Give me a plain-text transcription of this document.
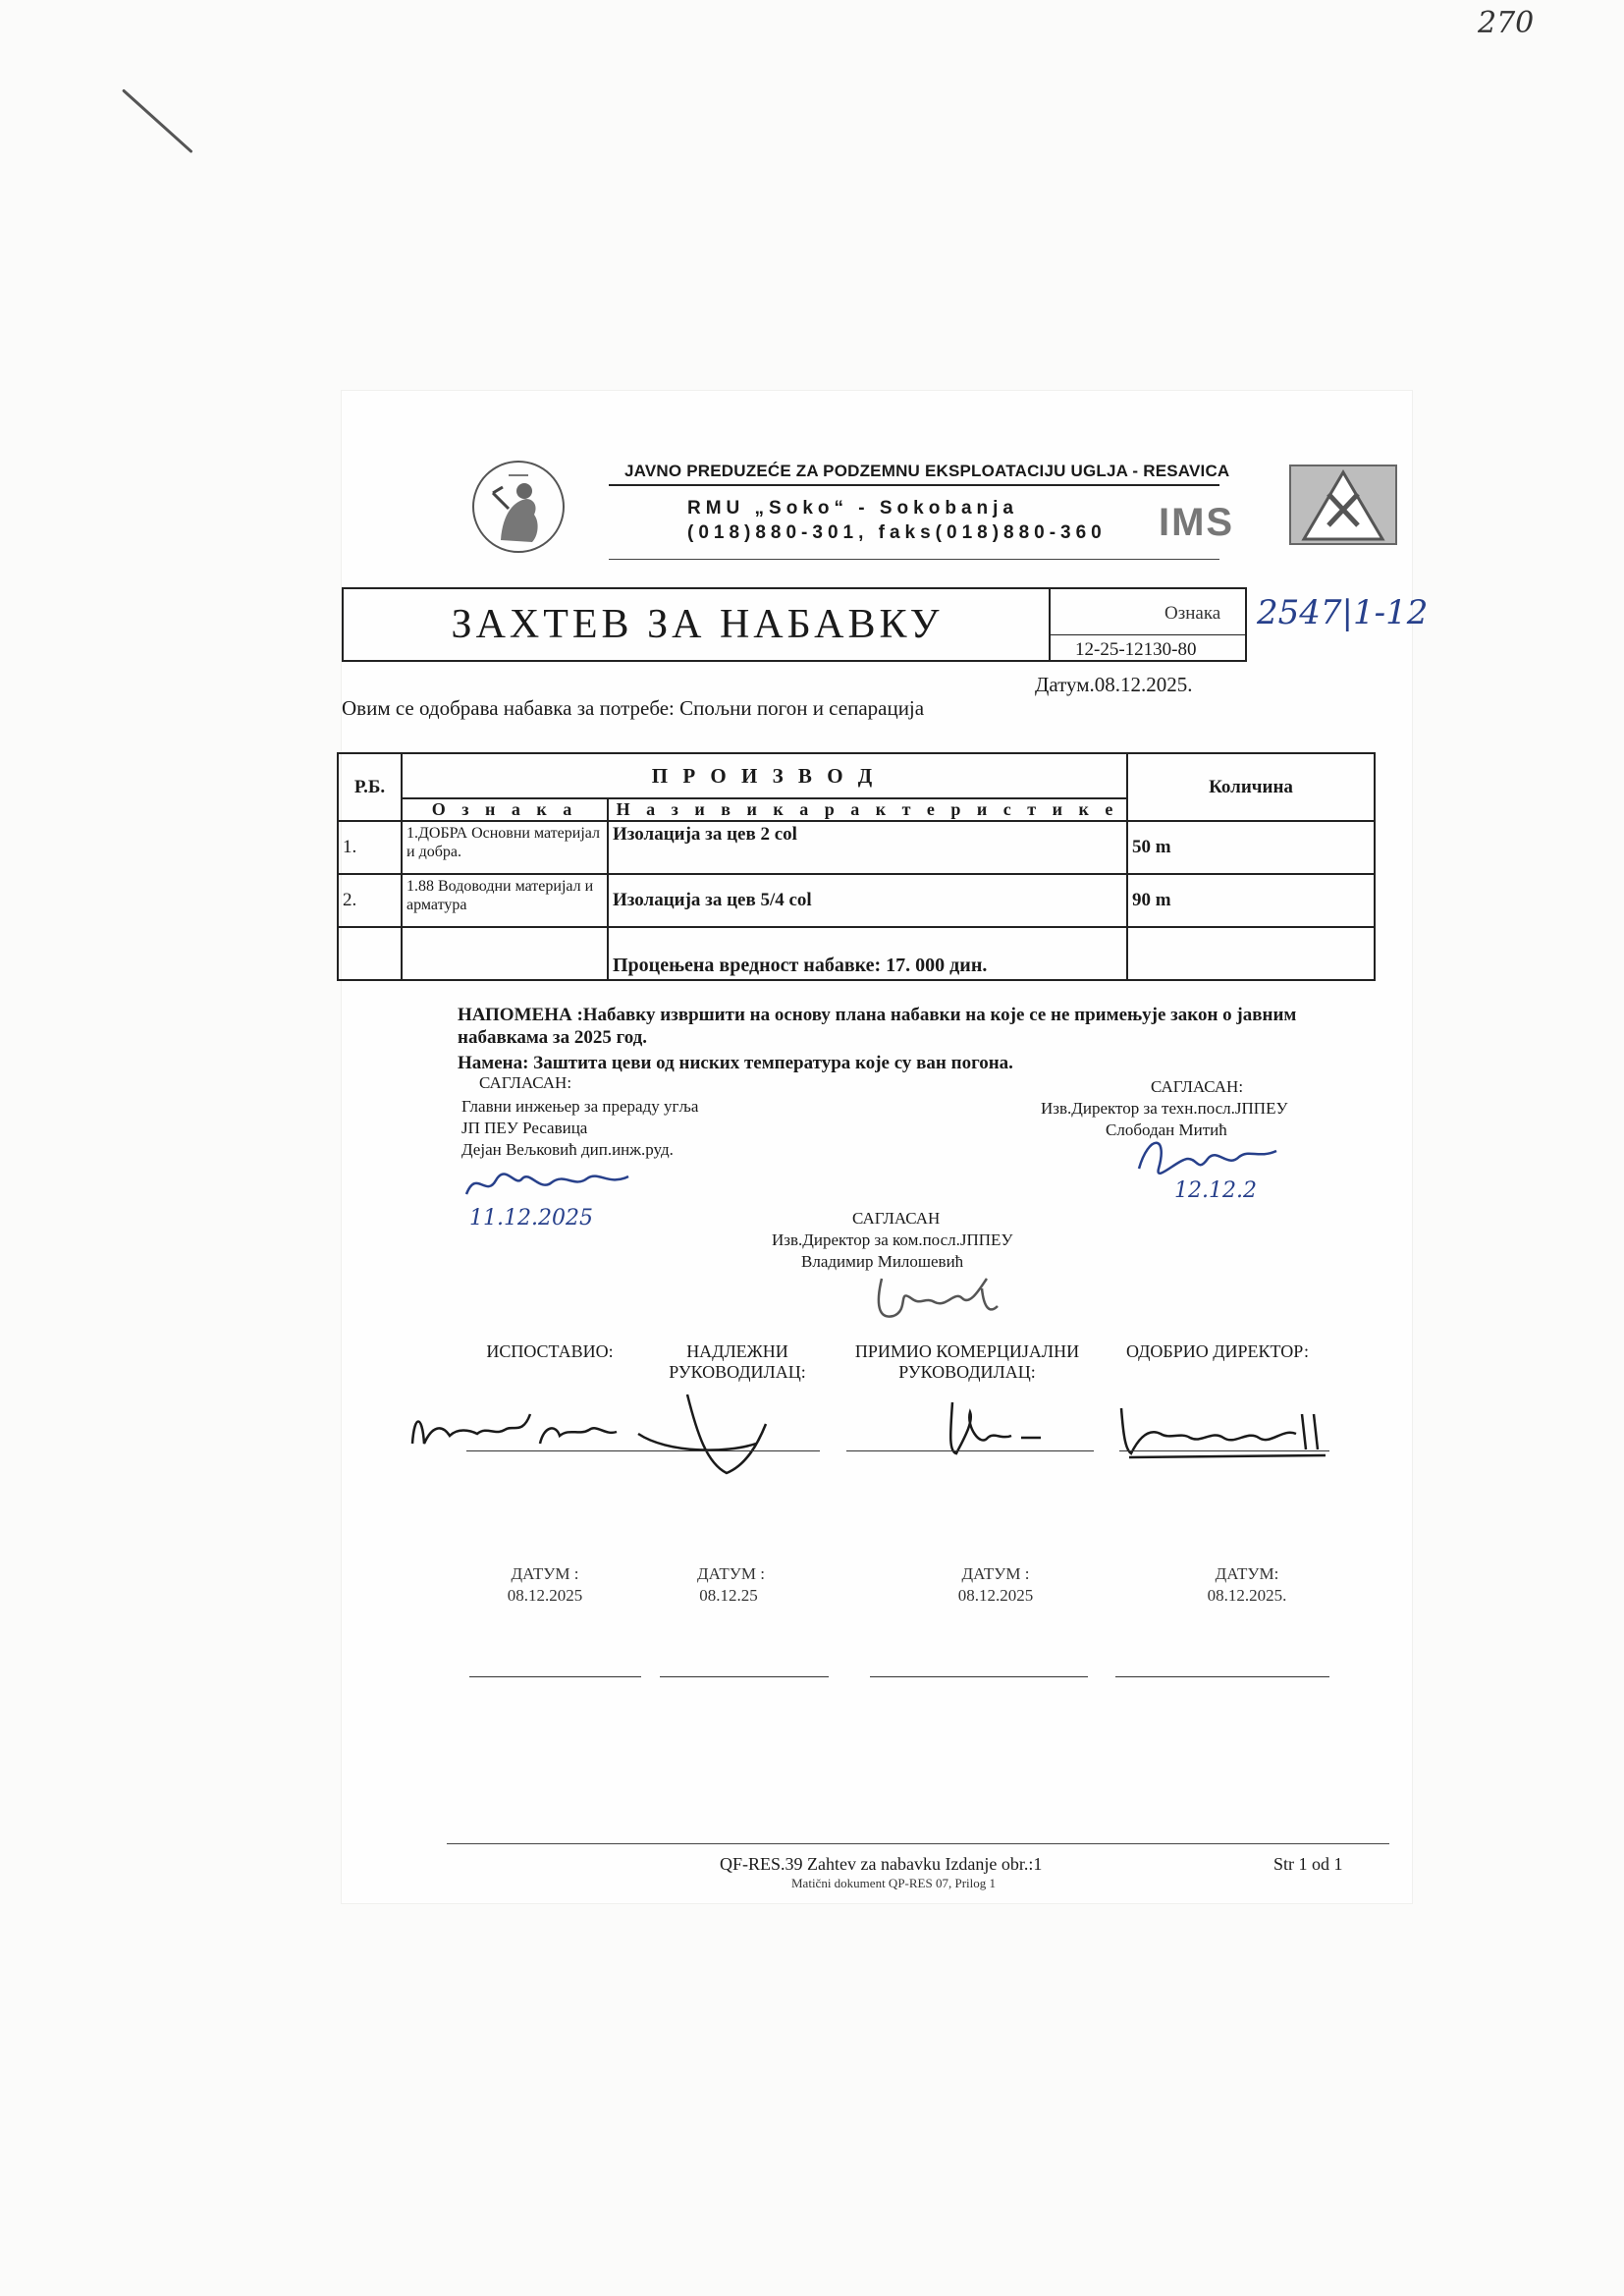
270
JAVNO PREDUZEĆE ZA PODZEMNU EKSPLOATACIJU UGLJA - RESAVICA
RMU „Soko“ - Sokobanja
(018)880-301, faks(018)880-360 IMS
ЗАХТЕВ ЗА НАБАВКУ	Ознака
12-25-12130-80
2547|1-12
Датум.08.12.2025.
Овим се одобрава набавка за потребе: Спољни погон и сепарација
Р.Б.	П Р О И З В О Д		Количина
	О з н а к а	Н а з и в и к а р а к т е р и с т и к е	
1.	1.ДОБРА Основни материјал и добра.	Изолација за цев 2 col	50 m
2.	1.88 Водоводни материјал и арматура	Изолација за цев 5/4 col	90 m
		Процењена вредност набавке: 17. 000 дин.	
НАПОМЕНА :Набавку извршити на основу плана набавки на које се не примењује закон о јавним набавкама за 2025 год.
Намена: Заштита цеви од ниских температура које су ван погона.
САГЛАСАН:
Главни инжењер за прераду угља
ЈП ПЕУ Ресавица
Дејан Вељковић дип.инж.руд.
11.12.2025
САГЛАСАН:
Изв.Директор за техн.посл.ЈППЕУ
Слободан Митић
12.12.2
САГЛАСАН
Изв.Директор за ком.посл.ЈППЕУ
Владимир Милошевић
ИСПОСТАВИО:	НАДЛЕЖНИ РУКОВОДИЛАЦ:
ПРИМИО КОМЕРЦИЈАЛНИ РУКОВОДИЛАЦ:
ОДОБРИО ДИРЕКТОР:
ДАТУМ :
08.12.2025
ДАТУМ :
08.12.25
ДАТУМ :
08.12.2025
ДАТУМ:
08.12.2025.
QF-RES.39 Zahtev za nabavku Izdanje obr.:1
Matični dokument QP-RES 07, Prilog 1
Str 1 od 1
